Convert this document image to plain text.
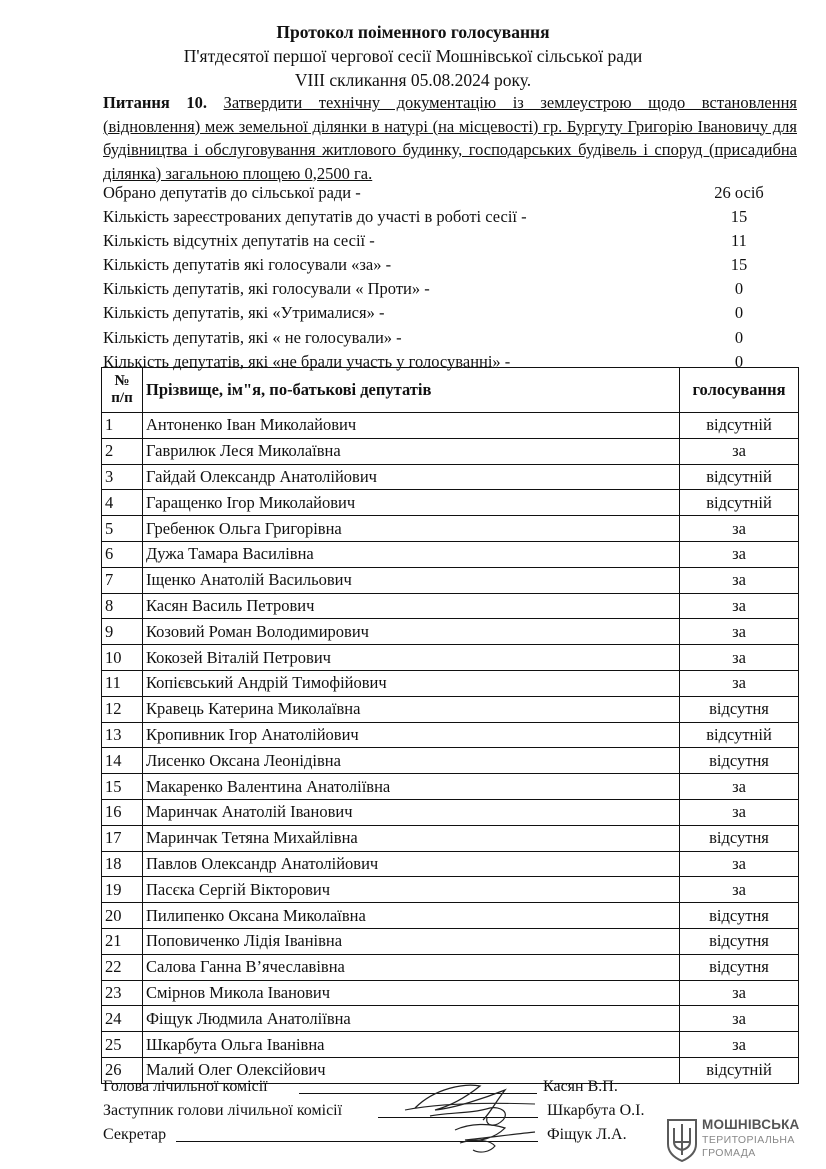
Протокол поіменного голосування
П'ятдесятої першої чергової сесії Мошнівської сільської ради
VIII скликання 05.08.2024 року.
Питання 10. Затвердити технічну документацію із землеустрою щодо встановлення (відновлення) меж земельної ділянки в натурі (на місцевості) гр. Бургуту Григорію Івановичу для будівництва і обслуговування житлового будинку, господарських будівель і споруд (присадибна ділянка) загальною площею 0,2500 га.
Обрано депутатів до сільської ради -	26 осіб
Кількість зареєстрованих депутатів до участі в роботі сесії -	15
Кількість відсутніх депутатів на сесії -	11
Кількість депутатів які голосували «за» -	15
Кількість депутатів, які голосували « Проти» -	0
Кількість депутатів, які «Утрималися» -	0
Кількість депутатів, які « не голосували» -	0
Кількість депутатів, які «не брали участь у голосуванні» -	0
№
п/п	Прізвище, ім"я, по-батькові депутатів	голосування
1	Антоненко Іван Миколайович	відсутній
2	Гаврилюк Леся Миколаївна	за
3	Гайдай Олександр Анатолійович	відсутній
4	Гаращенко Ігор Миколайович	відсутній
5	Гребенюк Ольга Григорівна	за
6	Дужа Тамара Василівна	за
7	Іщенко Анатолій Васильович	за
8	Касян Василь Петрович	за
9	Козовий Роман Володимирович	за
10	Кокозей Віталій Петрович	за
11	Копієвський Андрій Тимофійович	за
12	Кравець Катерина Миколаївна	відсутня
13	Кропивник Ігор Анатолійович	відсутній
14	Лисенко Оксана Леонідівна	відсутня
15	Макаренко Валентина Анатоліївна	за
16	Маринчак Анатолій Іванович	за
17	Маринчак Тетяна Михайлівна	відсутня
18	Павлов Олександр Анатолійович	за
19	Пасєка Сергій Вікторович	за
20	Пилипенко Оксана Миколаївна	відсутня
21	Поповиченко Лідія Іванівна	відсутня
22	Салова Ганна В’ячеславівна	відсутня
23	Смірнов Микола Іванович	за
24	Фіщук Людмила Анатоліївна	за
25	Шкарбута Ольга Іванівна	за
26	Малий Олег Олексійович	відсутній
Голова лічильної комісії	Касян В.П.
Заступник голови лічильної комісії	Шкарбута О.І.
Секретар	Фіщук Л.А.
МОШНІВСЬКА
ТЕРИТОРІАЛЬНА
ГРОМАДА
